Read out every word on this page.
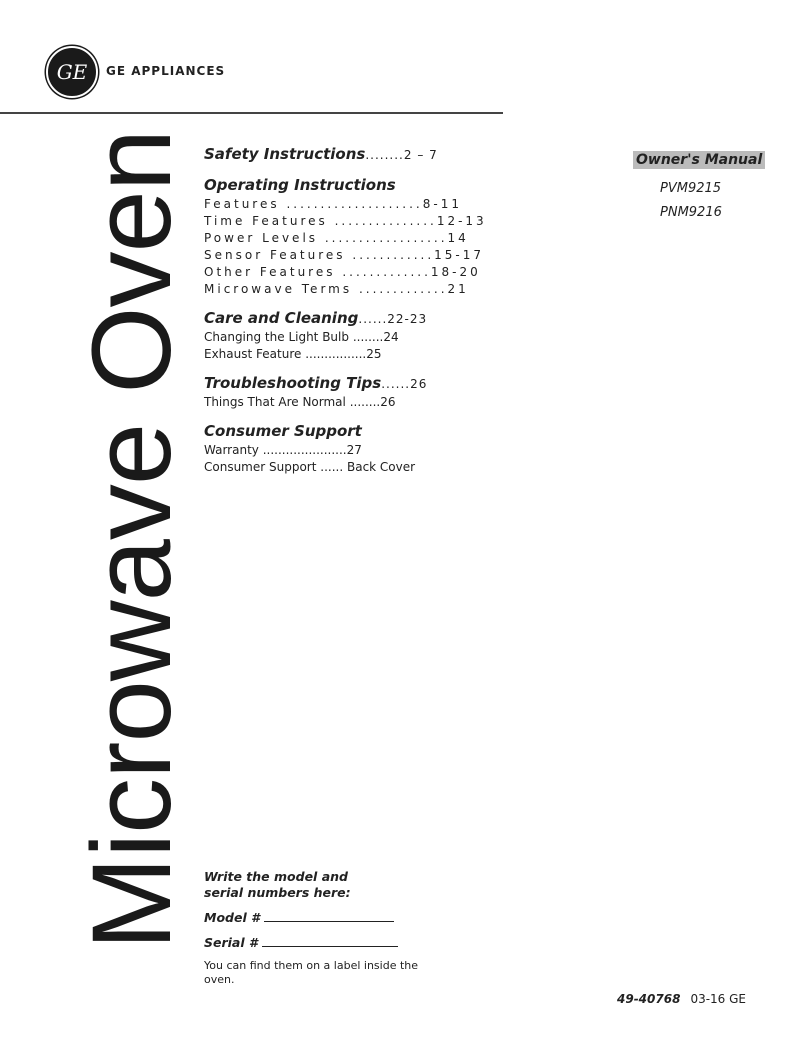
GE GE APPLIANCES
Microwave Oven Safety Instructions........2 – 7
Operating Instructions
Features ....................8-11
Time Features ...............12-13
Power Levels ..................14
Sensor Features ............15-17
Other Features .............18-20
Microwave Terms .............21
Care and Cleaning......22-23
Changing the Light Bulb ........24
Exhaust Feature ................25
Troubleshooting Tips......26
Things That Are Normal ........26
Consumer Support
Warranty ......................27
Consumer Support ...... Back Cover
Owner's Manual
PVM9215
PNM9216
Write the model and serial numbers here:
Model #
Serial #
You can find them on a label inside the oven.
49-40768 03-16 GE
